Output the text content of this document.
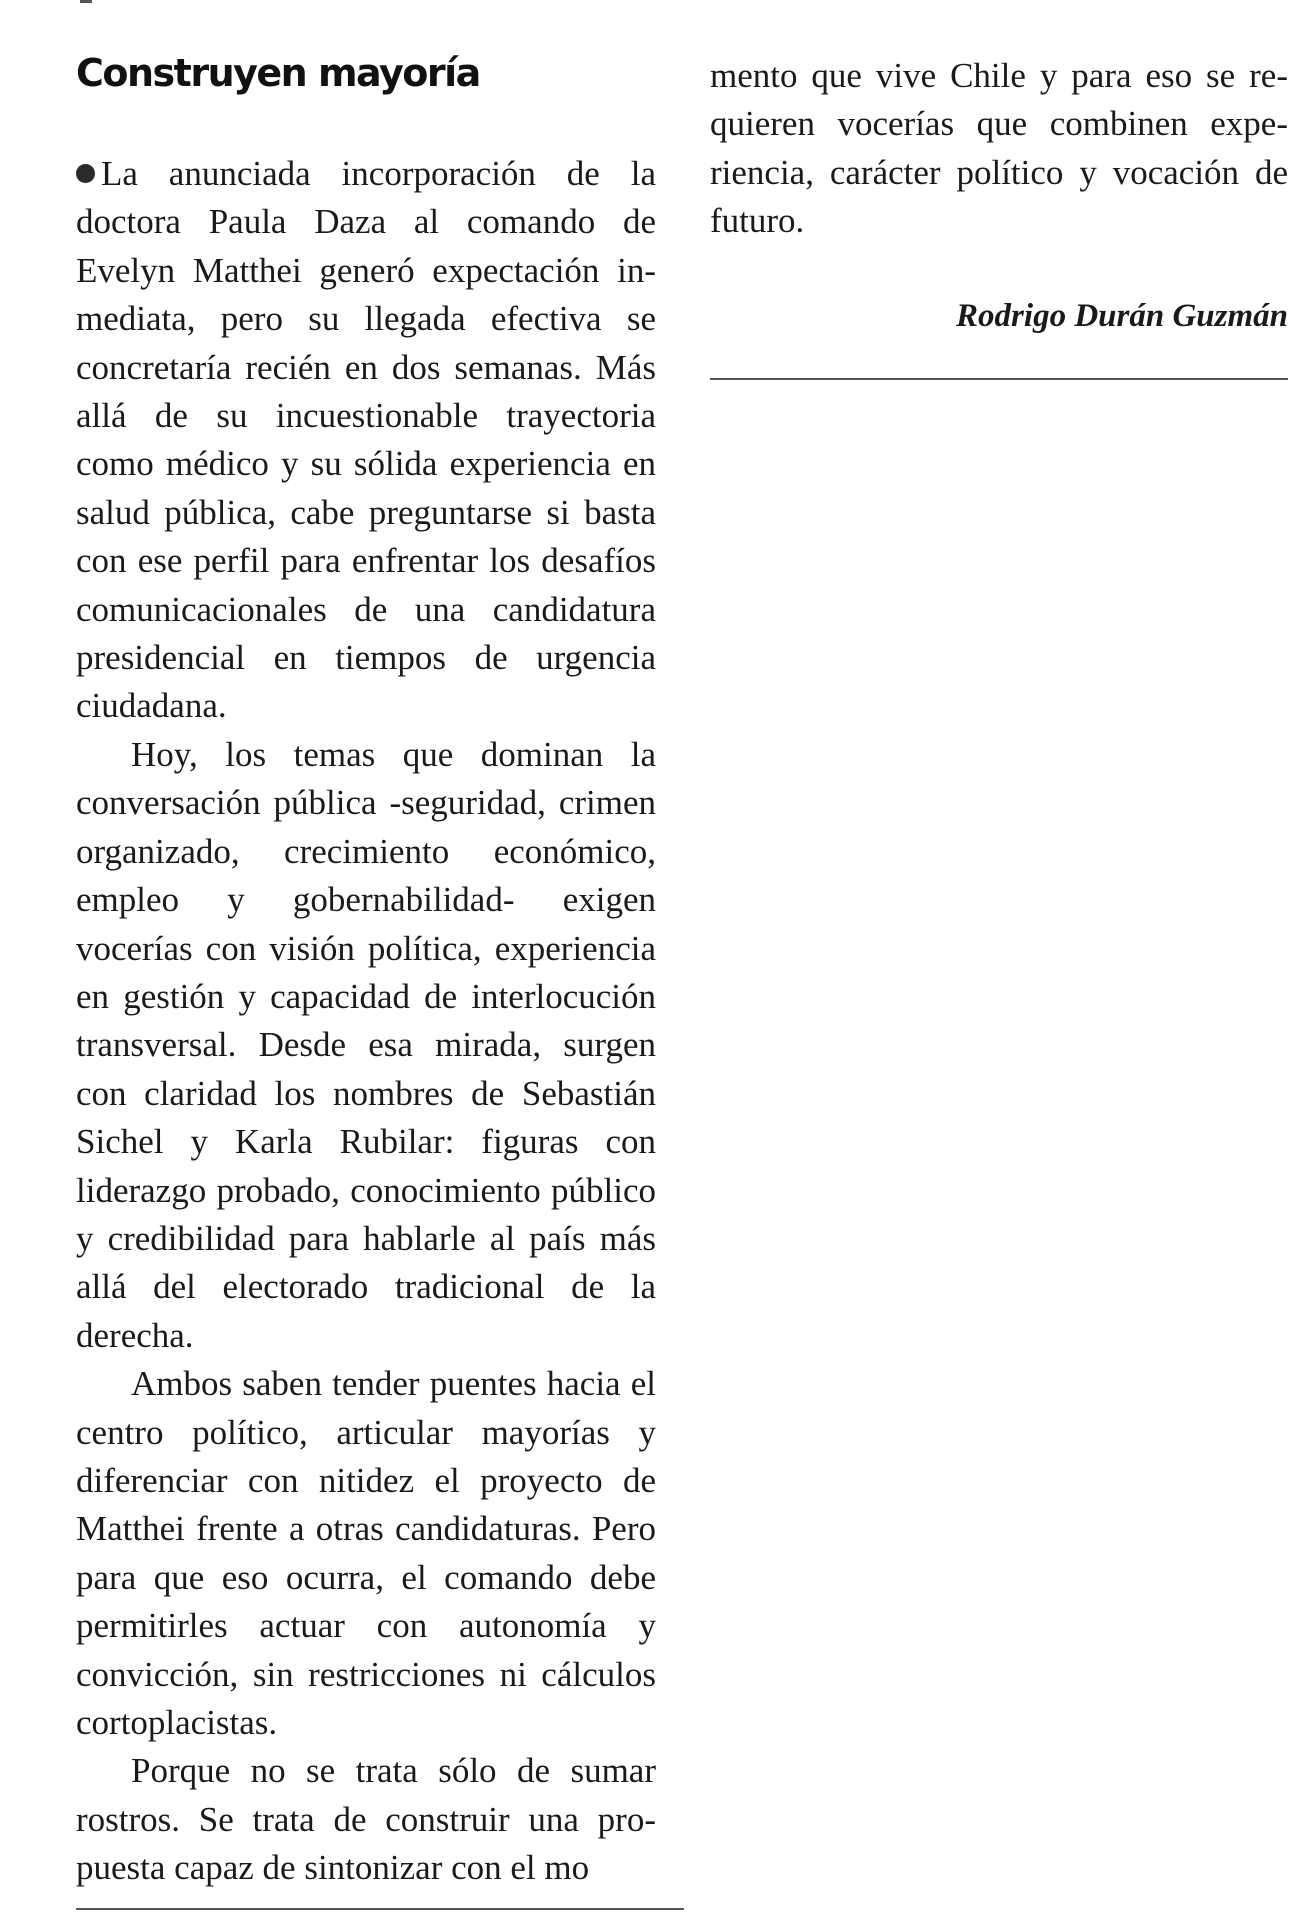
Construyen mayoría

La anunciada incorporación de la doctora Paula Daza al comando de Evelyn Matthei generó expectación inmediata, pero su llegada efectiva se concretaría recién en dos semanas. Más allá de su incuestionable trayectoria como médico y su sólida experiencia en salud pública, cabe preguntarse si basta con ese perfil para enfrentar los desafíos comunicacionales de una candidatura presidencial en tiempos de urgencia ciudadana.

Hoy, los temas que dominan la conversación pública -seguridad, crimen organizado, crecimiento económico, empleo y gobernabilidad- exigen vocerías con visión política, experiencia en gestión y capacidad de interlocución transversal. Desde esa mirada, surgen con claridad los nombres de Sebastián Sichel y Karla Rubilar: figuras con liderazgo probado, conocimiento público y credibilidad para hablarle al país más allá del electorado tradicional de la derecha.

Ambos saben tender puentes hacia el centro político, articular mayorías y diferenciar con nitidez el proyecto de Matthei frente a otras candidaturas. Pero para que eso ocurra, el comando debe permitirles actuar con autonomía y convicción, sin restricciones ni cálculos cortoplacistas.

Porque no se trata sólo de sumar rostros. Se trata de construir una propuesta capaz de sintonizar con el mo

mento que vive Chile y para eso se requieren vocerías que combinen experiencia, carácter político y vocación de futuro.

Rodrigo Durán Guzmán
